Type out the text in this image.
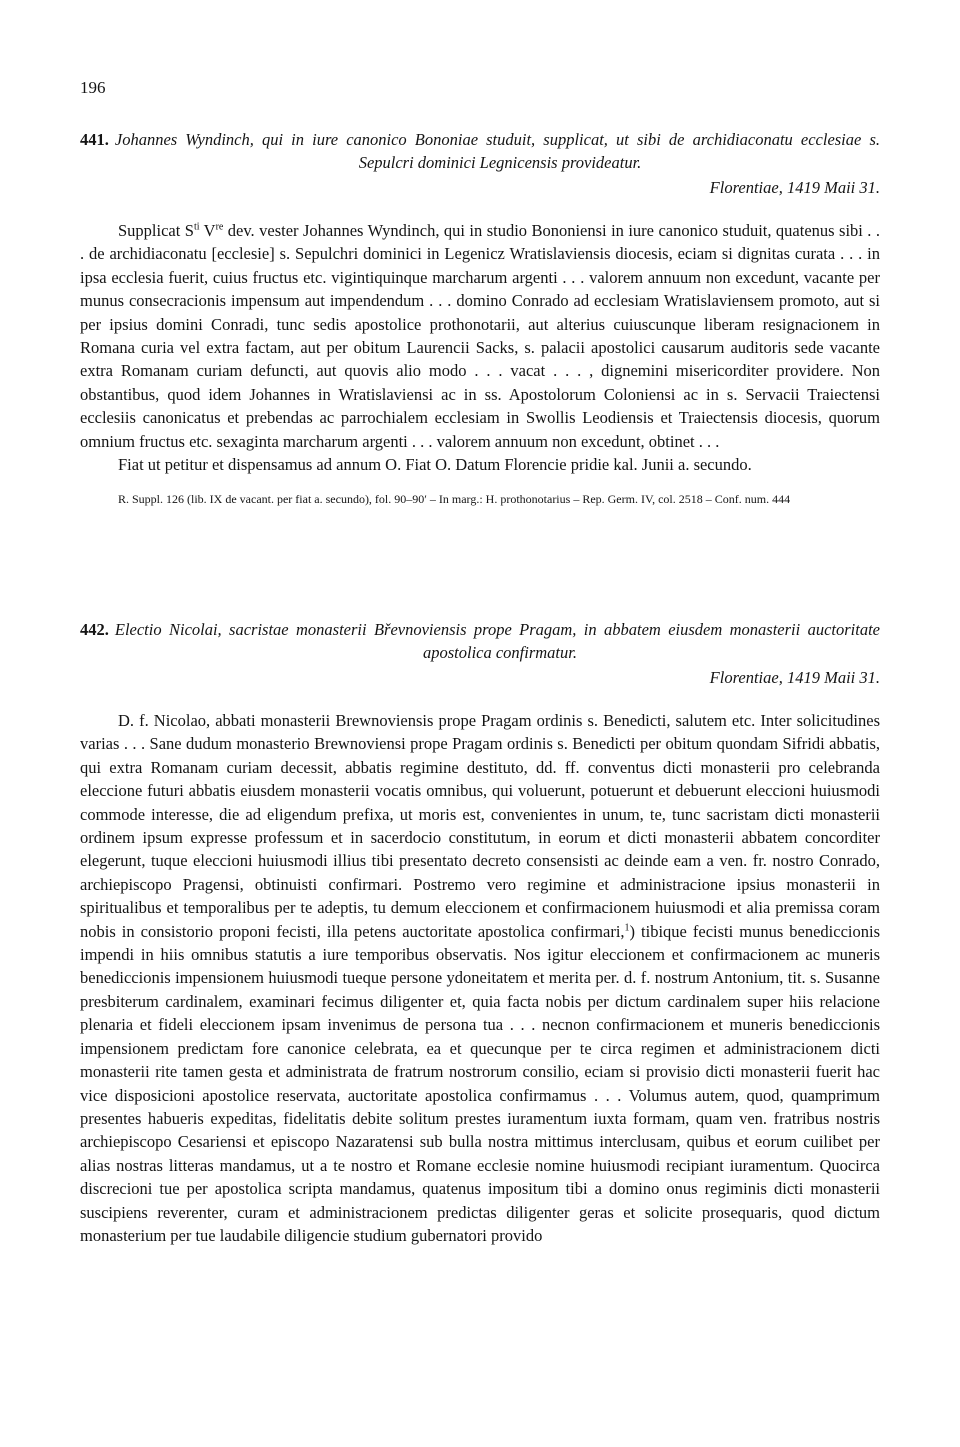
196
441. Johannes Wyndinch, qui in iure canonico Bononiae studuit, supplicat, ut sibi de archidiaconatu ecclesiae s. Sepulcri dominici Legnicensis provideatur.
Florentiae, 1419 Maii 31.

Supplicat $S^{ti}$ Vre dev. vester Johannes Wyndinch, qui in studio Bononiensi in iure canonico studuit, quatenus sibi . . . de archidiaconatu [ecclesie] s. Sepulchri dominici in Legenicz Wratislaviensis diocesis, eciam si dignitas curata . . . in ipsa ecclesia fuerit, cuius fructus etc. vigintiquinque marcharum argenti . . . valorem annuum non excedunt, vacante per munus consecracionis impensum aut impendendum . . . domino Conrado ad ecclesiam Wratislaviensem promoto, aut si per ipsius domini Conradi, tunc sedis apostolice prothonotarii, aut alterius cuiuscunque liberam resignacionem in Romana curia vel extra factam, aut per obitum Laurencii Sacks, s. palacii apostolici causarum auditoris sede vacante extra Romanam curiam defuncti, aut quovis alio modo . . . vacat . . . , dignemini misericorditer providere. Non obstantibus, quod idem Johannes in Wratislaviensi ac in ss. Apostolorum Coloniensi ac in s. Servacii Traiectensi ecclesiis canonicatus et prebendas ac parrochialem ecclesiam in Swollis Leodiensis et Traiectensis diocesis, quorum omnium fructus etc. sexaginta marcharum argenti . . . valorem annuum non excedunt, obtinet . . .

Fiat ut petitur et dispensamus ad annum O. Fiat O. Datum Florencie pridie kal. Junii a. secundo.

R. Suppl. 126 (lib. IX de vacant. per fiat a. secundo), fol. 90–90′ – In marg.: H. prothonotarius – Rep. Germ. IV, col. 2518 – Conf. num. 444

442. Electio Nicolai, sacristae monasterii Břevnoviensis prope Pragam, in abbatem eiusdem monasterii auctoritate apostolica confirmatur.
Florentiae, 1419 Maii 31.

D. f. Nicolao, abbati monasterii Brewnoviensis prope Pragam ordinis s. Benedicti, salutem etc. Inter solicitudines varias . . . Sane dudum monasterio Brewnoviensi prope Pragam ordinis s. Benedicti per obitum quondam Sifridi abbatis, qui extra Romanam curiam decessit, abbatis regimine destituto, dd. ff. conventus dicti monasterii pro celebranda eleccione futuri abbatis eiusdem monasterii vocatis omnibus, qui voluerunt, potuerunt et debuerunt eleccioni huiusmodi commode interesse, die ad eligendum prefixa, ut moris est, convenientes in unum, te, tunc sacristam dicti monasterii ordinem ipsum expresse professum et in sacerdocio constitutum, in eorum et dicti monasterii abbatem concorditer elegerunt, tuque eleccioni huiusmodi illius tibi presentato decreto consensisti ac deinde eam a ven. fr. nostro Conrado, archiepiscopo Pragensi, obtinuisti confirmari. Postremo vero regimine et administracione ipsius monasterii in spiritualibus et temporalibus per te adeptis, tu demum eleccionem et confirmacionem huiusmodi et alia premissa coram nobis in consistorio proponi fecisti, illa petens auctoritate apostolica confirmari,$^1$) tibique fecisti munus benediccionis impendi in hiis omnibus statutis a iure temporibus observatis. Nos igitur eleccionem et confirmacionem ac muneris benediccionis impensionem huiusmodi tueque persone ydoneitatem et merita per. d. f. nostrum Antonium, tit. s. Susanne presbiterum cardinalem, examinari fecimus diligenter et, quia facta nobis per dictum cardinalem super hiis relacione plenaria et fideli eleccionem ipsam invenimus de persona tua . . . necnon confirmacionem et muneris benediccionis impensionem predictam fore canonice celebrata, ea et quecunque per te circa regimen et administracionem dicti monasterii rite tamen gesta et administrata de fratrum nostrorum consilio, eciam si provisio dicti monasterii fuerit hac vice disposicioni apostolice reservata, auctoritate apostolica confirmamus . . . Volumus autem, quod, quamprimum presentes habueris expeditas, fidelitatis debite solitum prestes iuramentum iuxta formam, quam ven. fratribus nostris archiepiscopo Cesariensi et episcopo Nazaratensi sub bulla nostra mittimus interclusam, quibus et eorum cuilibet per alias nostras litteras mandamus, ut a te nostro et Romane ecclesie nomine huiusmodi recipiant iuramentum. Quocirca discrecioni tue per apostolica scripta mandamus, quatenus impositum tibi a domino onus regiminis dicti monasterii suscipiens reverenter, curam et administracionem predictas diligenter geras et solicite prosequaris, quod dictum monasterium per tue laudabile diligencie studium gubernatori provido
